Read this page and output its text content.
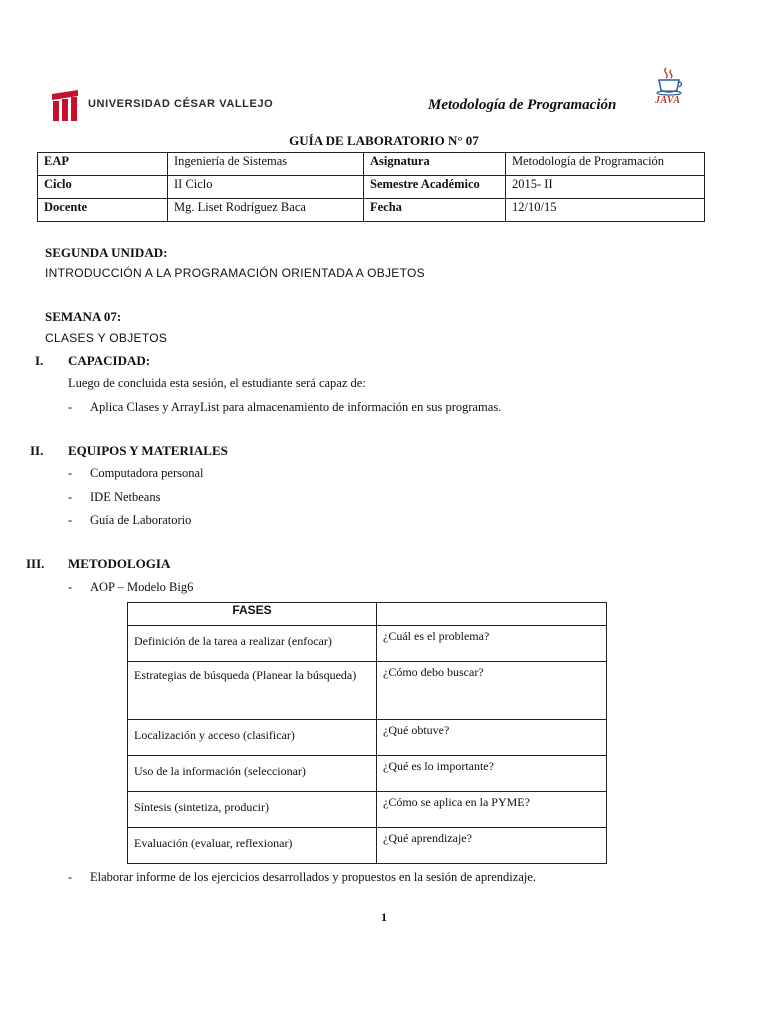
UNIVERSIDAD CÉSAR VALLEJO	Metodología de Programación	JAVA
GUÍA DE LABORATORIO N° 07
EAP	Ingeniería de Sistemas	Asignatura	Metodología de Programación
Ciclo	II Ciclo	Semestre Académico	2015- II
Docente	Mg. Liset Rodríguez Baca	Fecha	12/10/15
SEGUNDA UNIDAD:
INTRODUCCIÓN A LA PROGRAMACIÓN ORIENTADA A OBJETOS
SEMANA 07:
CLASES Y OBJETOS
I. CAPACIDAD:
Luego de concluida esta sesión, el estudiante será capaz de:
- Aplica Clases y ArrayList para almacenamiento de información en sus programas.
II. EQUIPOS Y MATERIALES
- Computadora personal
- IDE Netbeans
- Guía de Laboratorio
III. METODOLOGIA
- AOP – Modelo Big6
FASES	
Definición de la tarea a realizar (enfocar)	¿Cuál es el problema?
Estrategias de búsqueda (Planear la búsqueda)	¿Cómo debo buscar?
Localización y acceso (clasificar)	¿Qué obtuve?
Uso de la información (seleccionar)	¿Qué es lo importante?
Síntesis (sintetiza, producir)	¿Cómo se aplica en la PYME?
Evaluación (evaluar, reflexionar)	¿Qué aprendizaje?
- Elaborar informe de los ejercicios desarrollados y propuestos en la sesión de aprendizaje.
1
